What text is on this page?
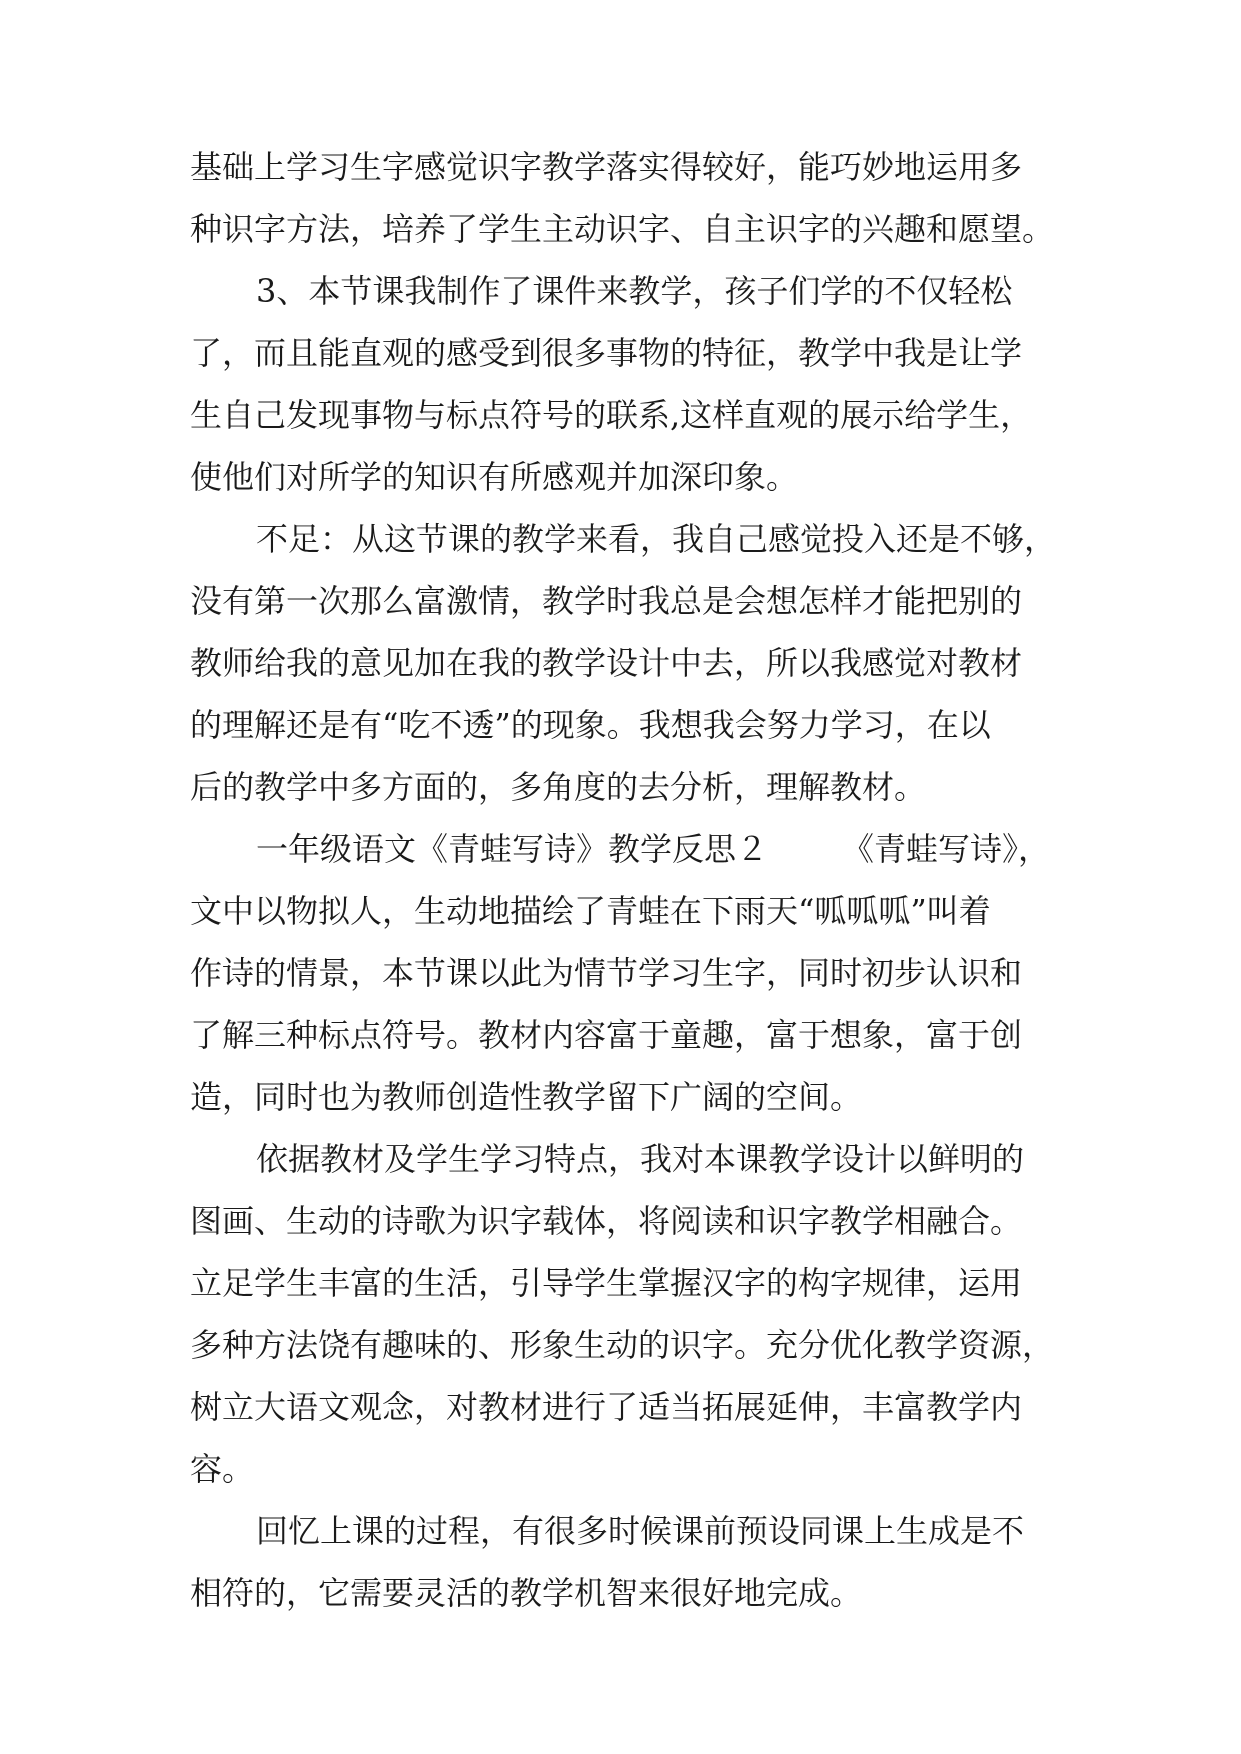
基础上学习生字感觉识字教学落实得较好，能巧妙地运用多
种识字方法，培养了学生主动识字、自主识字的兴趣和愿望。
3、本节课我制作了课件来教学，孩子们学的不仅轻松
了，而且能直观的感受到很多事物的特征，教学中我是让学
生自己发现事物与标点符号的联系,这样直观的展示给学生，
使他们对所学的知识有所感观并加深印象。
不足：从这节课的教学来看，我自己感觉投入还是不够，
没有第一次那么富激情，教学时我总是会想怎样才能把别的
教师给我的意见加在我的教学设计中去，所以我感觉对教材
的理解还是有“吃不透”的现象。我想我会努力学习，在以
后的教学中多方面的，多角度的去分析，理解教材。
一年级语文《青蛙写诗》教学反思２ 《青蛙写诗》，
文中以物拟人，生动地描绘了青蛙在下雨天“呱呱呱”叫着
作诗的情景，本节课以此为情节学习生字，同时初步认识和
了解三种标点符号。教材内容富于童趣，富于想象，富于创
造，同时也为教师创造性教学留下广阔的空间。
依据教材及学生学习特点，我对本课教学设计以鲜明的
图画、生动的诗歌为识字载体，将阅读和识字教学相融合。
立足学生丰富的生活，引导学生掌握汉字的构字规律，运用
多种方法饶有趣味的、形象生动的识字。充分优化教学资源，
树立大语文观念，对教材进行了适当拓展延伸，丰富教学内
容。
回忆上课的过程，有很多时候课前预设同课上生成是不
相符的，它需要灵活的教学机智来很好地完成。
